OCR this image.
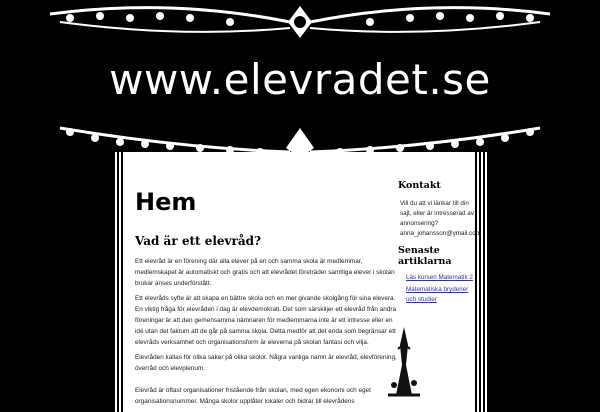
www.elevradet.se
Hem
Vad är ett elevråd?

Ett elevråd är en förening där alla elever på en och samma skola är medlemmar, medlemskapet är automatiskt och gratis och att elevrådet företräder samtliga elever i skolan brukar anses underförstått.

Ett elevråds syfte är att skapa en bättre skola och en mer givande skolgång för sina elevera. En viktig fråga för elevråden i dag är elevdemokrati. Det som särskiljer ett elevråd från andra föreningar är att den gemensamma nämnaren för medlemmarna inte är ett intresse eller en idé utan det faktum att de går på samma skola. Detta medför att det enda som begränsar ett elevråds verksamhet och organisationsform är eleverna på skolan fantasi och vilja.

Elevråden kallas för olika saker på olika skolor. Några vanliga namn är elevråd, elevförening, överråd och elevplenum.

Elevråd är oftast organisationer fristående från skolan, med egen ekonomi och eget organisationsnummer. Många skolor upplåter lokaler och bidrar till elevrådens

Kontakt
Vill du att vi länkar till din sajt, eller är intresserad av annonsering? anna_johansson@ymail.com
Senaste artiklarna
Läs kursen Matematik 2
Matematiska bryderier och studier
